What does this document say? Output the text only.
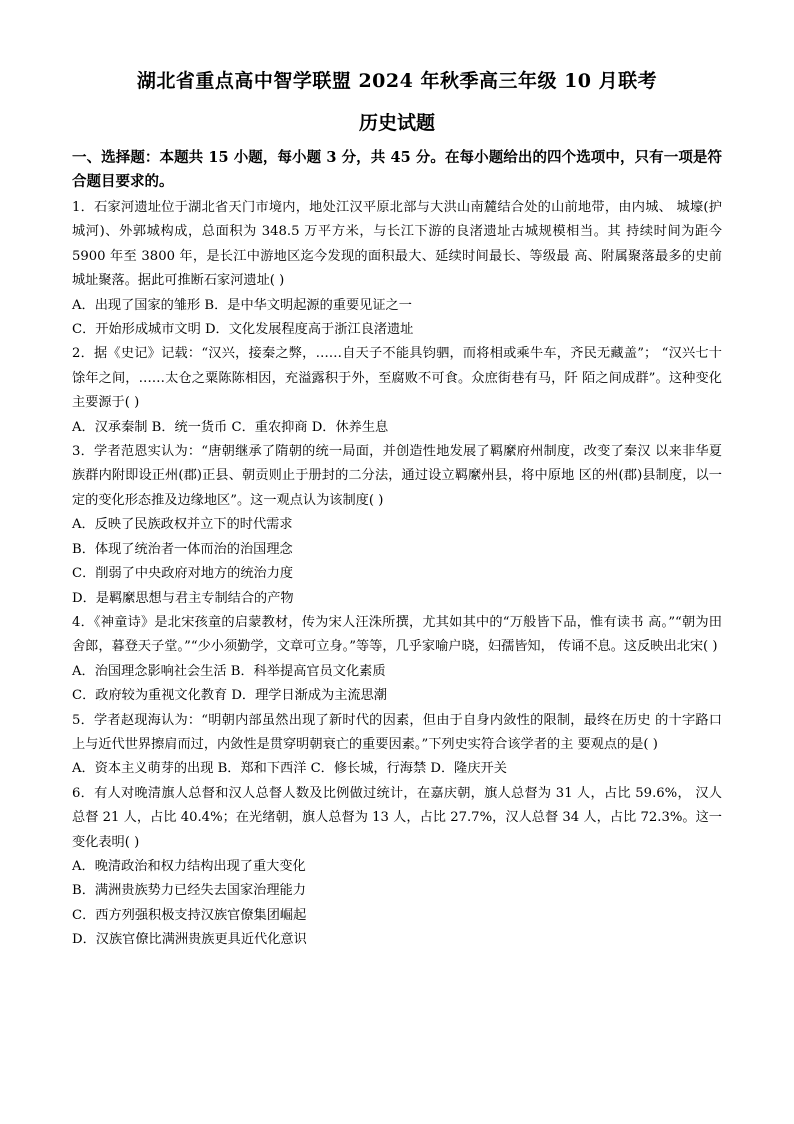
湖北省重点高中智学联盟 2024 年秋季高三年级 10 月联考
历史试题

一、选择题：本题共 15 小题，每小题 3 分，共 45 分。在每小题给出的四个选项中，只有一项是符 合题目要求的。

1．石家河遗址位于湖北省天门市境内，地处江汉平原北部与大洪山南麓结合处的山前地带，由内城、 城壕(护城河)、外郭城构成，总面积为 348.5 万平方米，与长江下游的良渚遗址古城规模相当。其 持续时间为距今 5900 年至 3800 年，是长江中游地区迄今发现的面积最大、延续时间最长、等级最 高、附属聚落最多的史前城址聚落。据此可推断石家河遗址( )

A．出现了国家的雏形 B．是中华文明起源的重要见证之一

C．开始形成城市文明 D．文化发展程度高于浙江良渚遗址

2．据《史记》记载：“汉兴，接秦之弊，……自天子不能具钧驷，而将相或乘牛车，齐民无藏盖”； “汉兴七十馀年之间，……太仓之粟陈陈相因，充溢露积于外，至腐败不可食。众庶街巷有马，阡 陌之间成群”。这种变化主要源于( )

A．汉承秦制 B．统一货币 C．重农抑商 D．休养生息

3．学者范恩实认为：“唐朝继承了隋朝的统一局面，并创造性地发展了羁縻府州制度，改变了秦汉 以来非华夏族群内附即设正州(郡)正县、朝贡则止于册封的二分法，通过设立羁縻州县，将中原地 区的州(郡)县制度，以一定的变化形态推及边缘地区”。这一观点认为该制度( )

A．反映了民族政权并立下的时代需求

B．体现了统治者一体而治的治国理念

C．削弱了中央政府对地方的统治力度

D．是羁縻思想与君主专制结合的产物

4．《神童诗》是北宋孩童的启蒙教材，传为宋人汪洙所撰，尤其如其中的“万般皆下品，惟有读书 高。”“朝为田舍郎，暮登天子堂。”“少小须勤学，文章可立身。”等等，几乎家喻户晓，妇孺皆知， 传诵不息。这反映出北宋( )

A．治国理念影响社会生活 B．科举提高官员文化素质

C．政府较为重视文化教育 D．理学日渐成为主流思潮

5．学者赵现海认为：“明朝内部虽然出现了新时代的因素，但由于自身内敛性的限制，最终在历史 的十字路口上与近代世界擦肩而过，内敛性是贯穿明朝衰亡的重要因素。”下列史实符合该学者的主 要观点的是( )

A．资本主义萌芽的出现 B．郑和下西洋 C．修长城，行海禁 D．隆庆开关

6．有人对晚清旗人总督和汉人总督人数及比例做过统计，在嘉庆朝，旗人总督为 31 人，占比 59.6%， 汉人总督 21 人，占比 40.4%；在光绪朝，旗人总督为 13 人，占比 27.7%，汉人总督 34 人，占比 72.3%。这一变化表明( )

A．晚清政治和权力结构出现了重大变化

B．满洲贵族势力已经失去国家治理能力

C．西方列强积极支持汉族官僚集团崛起

D．汉族官僚比满洲贵族更具近代化意识
